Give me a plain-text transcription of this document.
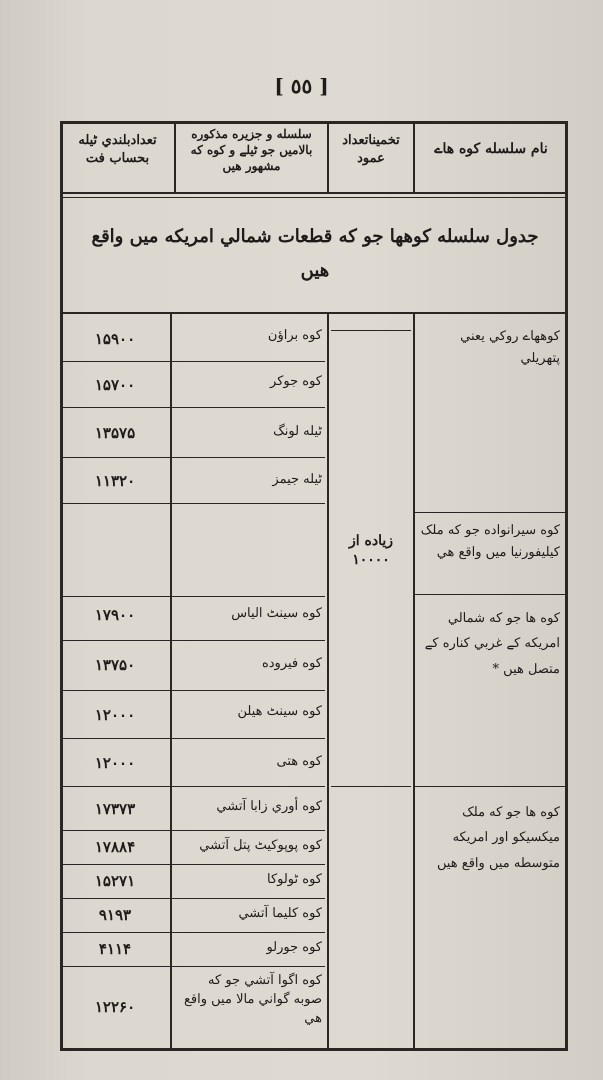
[ ٥٥ ]
نام سلسله کوه هاے
تخمیناتعداد عمود
سلسله و جزیره مذکوره بالامیں جو ٹیلے و کوه که مشهور هیں
تعدادبلندي ٹیله بحساب فت
جدول سلسله کوهها جو که قطعات شمالي امریکه میں واقع هیں
کوههاے روکي یعني پتهریلي
کوه سیرانواده جو که ملک کیلیفورنیا میں واقع هي
کوه ها جو که شمالي امریکه کے غربي کناره کے متصل هیں *
کوه ها جو که ملک میکسیکو اور امریکه متوسطه میں واقع هیں
زیاده از ۱۰۰۰۰
کوه براؤن
کوه جوکر
ٹیله لونگ
ٹیله جیمز
کوه سینٹ الیاس
کوه فیروده
کوه سینٹ هیلن
کوه هتی
کوه أوري زابا آتشي
کوه پوپوکیٹ پتل آتشي
کوه ٹولوکا
کوه کلیما آتشي
کوه جورلو
کوه اگوا آتشي جو که صوبه گواني مالا میں واقع هي
۱۵۹۰۰
۱۵۷۰۰
۱۳۵۷۵
۱۱۳۲۰
۱۷۹۰۰
۱۳۷۵۰
۱۲۰۰۰
۱۲۰۰۰
۱۷۳۷۳
۱۷۸۸۴
۱۵۲۷۱
۹۱۹۳
۴۱۱۴
۱۲۲۶۰
